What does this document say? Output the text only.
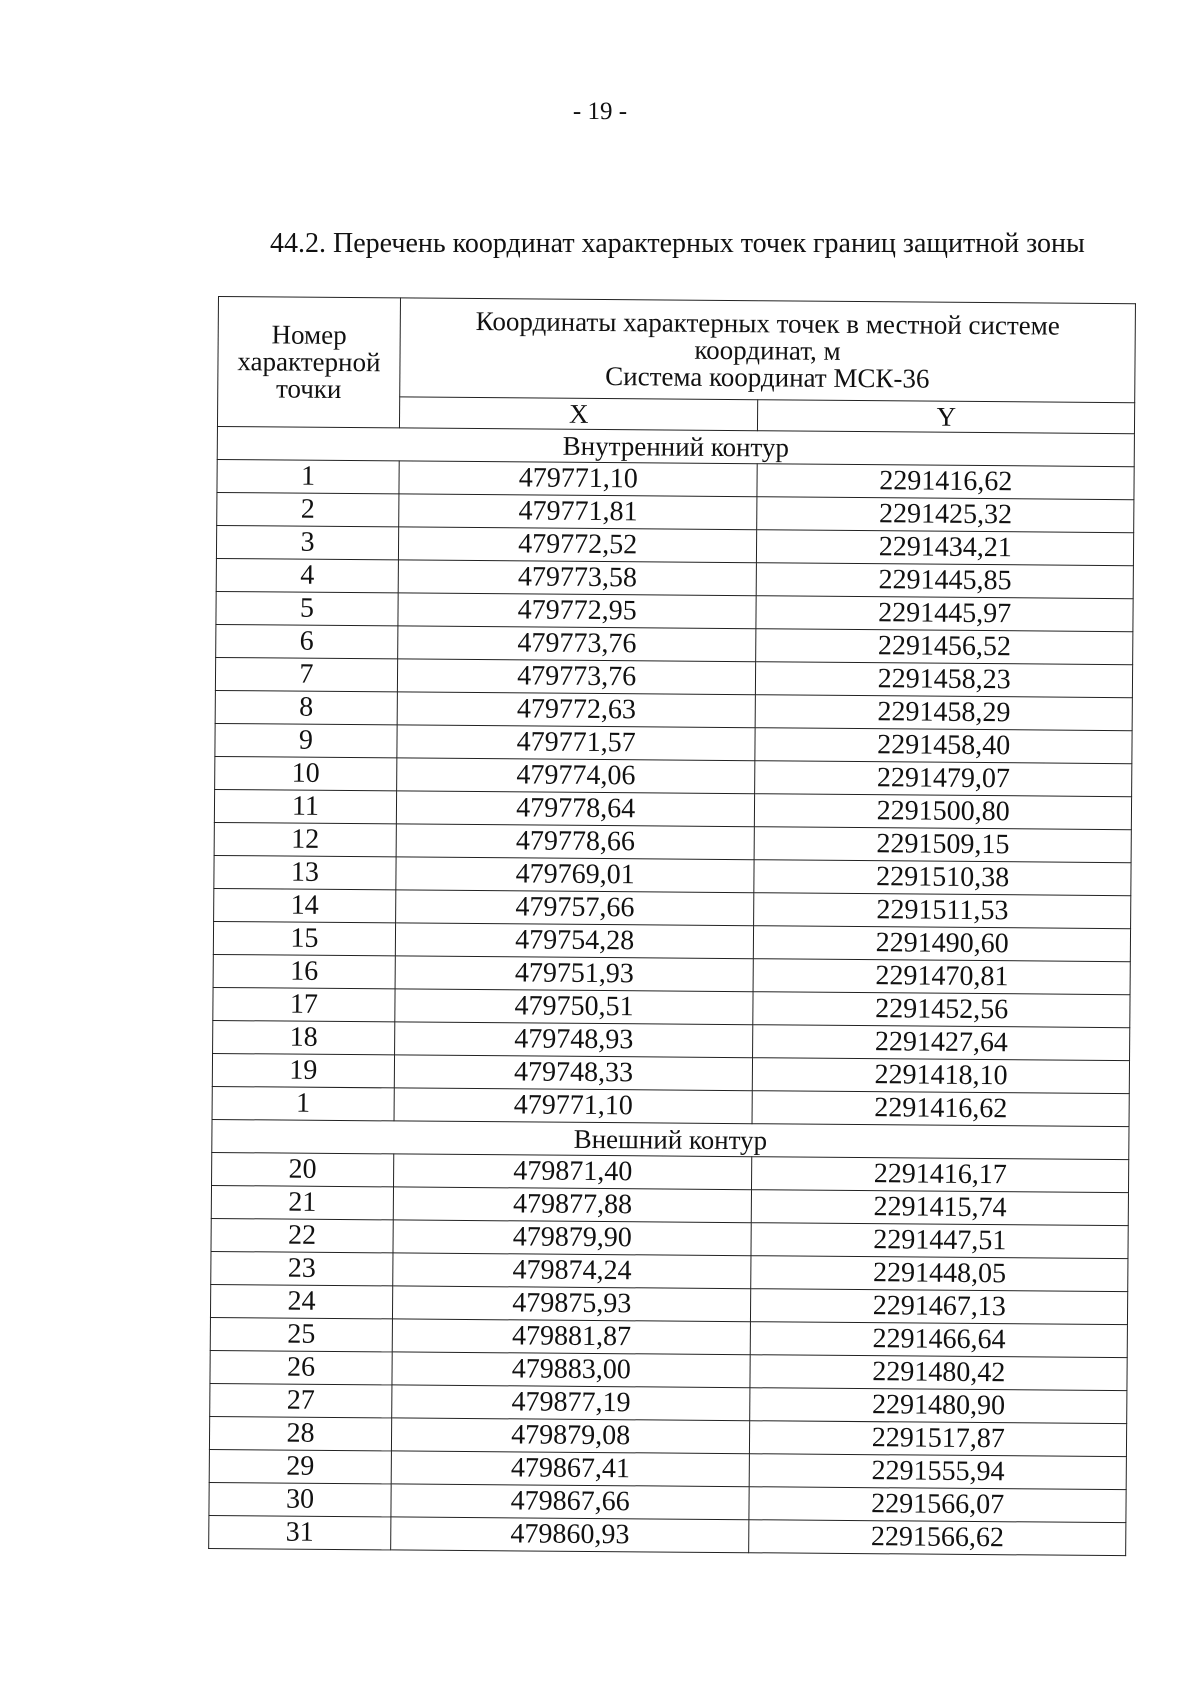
- 19 -
44.2. Перечень координат характерных точек границ защитной зоны
Номер характерной точки	Координаты характерных точек в местной системе
координат, м
Система координат МСК-36	

	X	Y
Внутренний контур		
1	479771,10	2291416,62
2	479771,81	2291425,32
3	479772,52	2291434,21
4	479773,58	2291445,85
5	479772,95	2291445,97
6	479773,76	2291456,52
7	479773,76	2291458,23
8	479772,63	2291458,29
9	479771,57	2291458,40
10	479774,06	2291479,07
11	479778,64	2291500,80
12	479778,66	2291509,15
13	479769,01	2291510,38
14	479757,66	2291511,53
15	479754,28	2291490,60
16	479751,93	2291470,81
17	479750,51	2291452,56
18	479748,93	2291427,64
19	479748,33	2291418,10
1	479771,10	2291416,62
Внешний контур		
20	479871,40	2291416,17
21	479877,88	2291415,74
22	479879,90	2291447,51
23	479874,24	2291448,05
24	479875,93	2291467,13
25	479881,87	2291466,64
26	479883,00	2291480,42
27	479877,19	2291480,90
28	479879,08	2291517,87
29	479867,41	2291555,94
30	479867,66	2291566,07
31	479860,93	2291566,62
